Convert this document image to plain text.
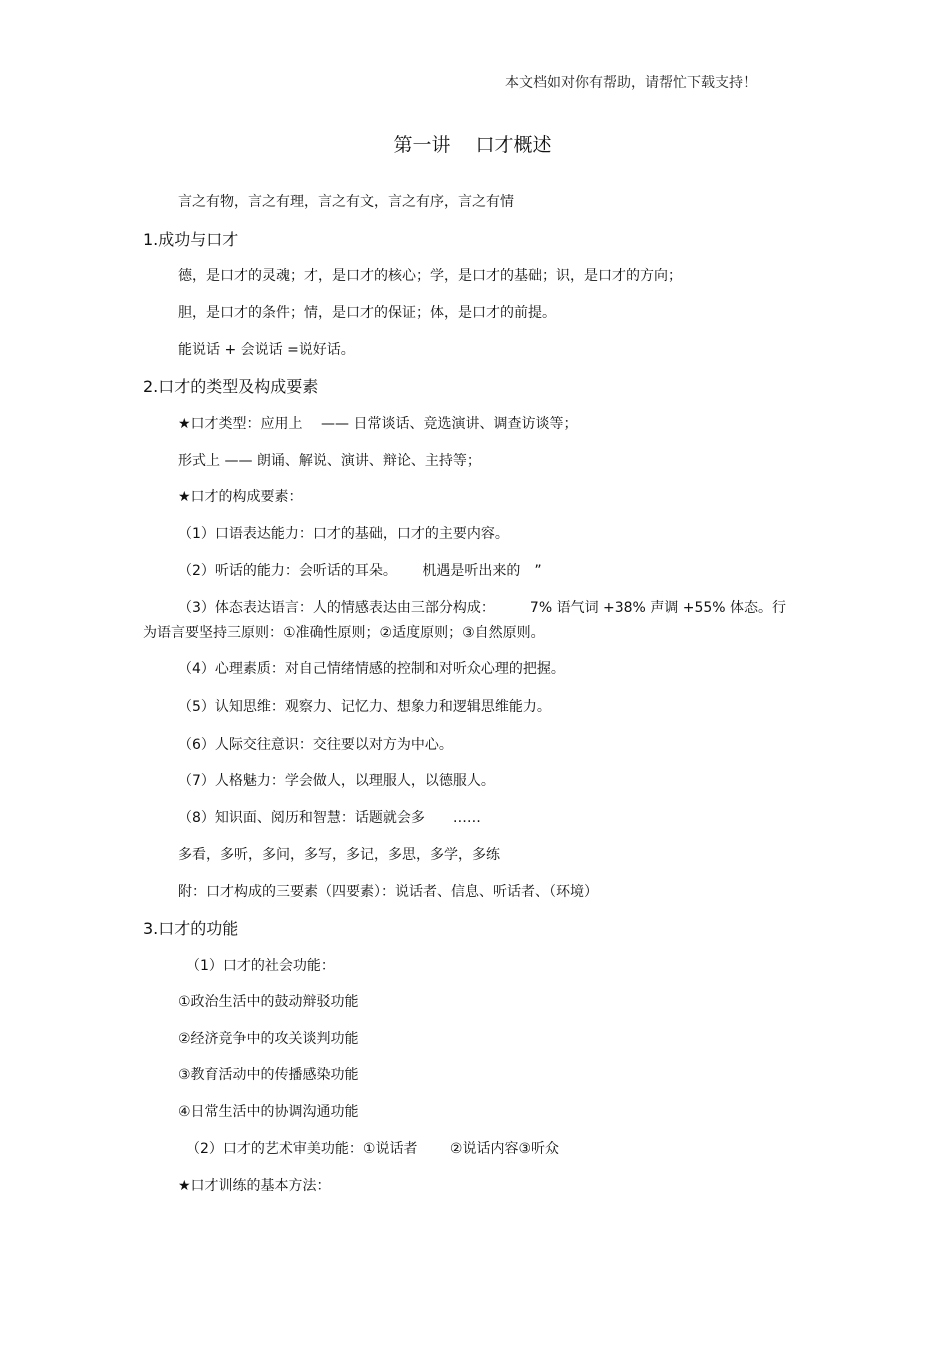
本文档如对你有帮助，请帮忙下载支持！
第一讲　 口才概述
言之有物，言之有理，言之有文，言之有序，言之有情
1.成功与口才
德，是口才的灵魂；才，是口才的核心；学，是口才的基础；识，是口才的方向；
胆，是口才的条件；情，是口才的保证；体，是口才的前提。
能说话 + 会说话 =说好话。
2.口才的类型及构成要素
★口才类型：应用上　 —— 日常谈话、竞选演讲、调查访谈等；
形式上 —— 朗诵、解说、演讲、辩论、主持等；
★口才的构成要素：
（1）口语表达能力：口才的基础，口才的主要内容。
（2）听话的能力：会听话的耳朵。　　 机遇是听出来的　”
（3）体态表达语言：人的情感表达由三部分构成：　　　7% 语气词 +38% 声调 +55% 体态。行
为语言要坚持三原则：①准确性原则；②适度原则；③自然原则。
（4）心理素质：对自己情绪情感的控制和对听众心理的把握。
（5）认知思维：观察力、记忆力、想象力和逻辑思维能力。
（6）人际交往意识：交往要以对方为中心。
（7）人格魅力：学会做人，以理服人，以德服人。
（8）知识面、阅历和智慧：话题就会多　　……
多看，多听，多问，多写，多记，多思，多学，多练
附：口才构成的三要素（四要素）：说话者、信息、听话者、（环境）
3.口才的功能
（1）口才的社会功能：
①政治生活中的鼓动辩驳功能
②经济竞争中的攻关谈判功能
③教育活动中的传播感染功能
④日常生活中的协调沟通功能
（2）口才的艺术审美功能：①说话者　　 ②说话内容③听众
★口才训练的基本方法：
